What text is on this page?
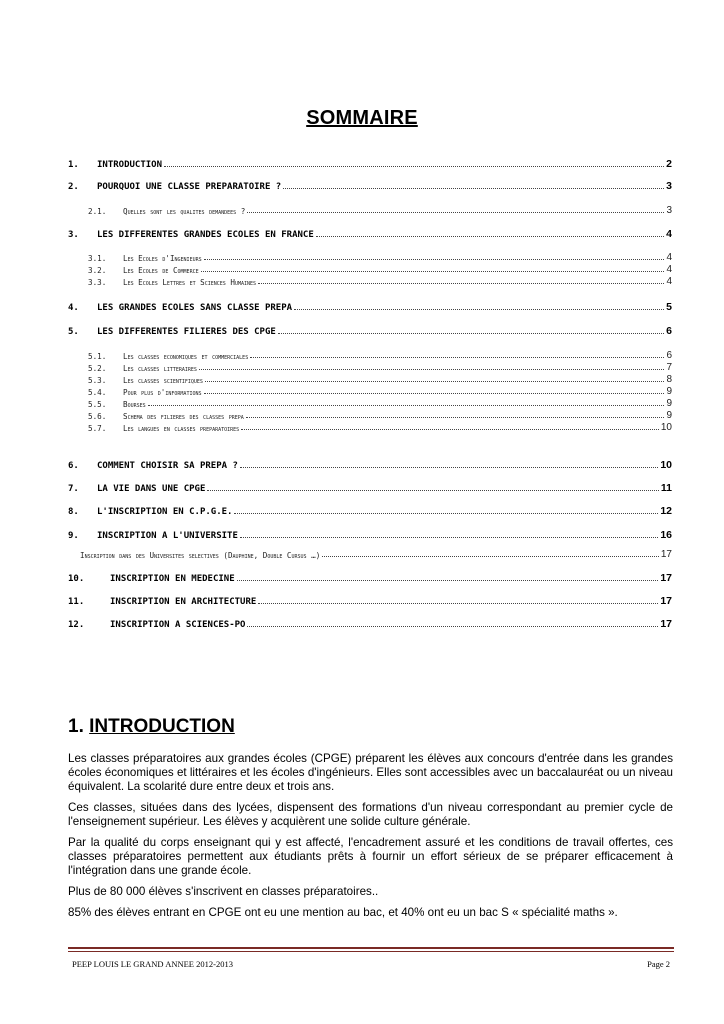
SOMMAIRE
1.	INTRODUCTION	2
2.	POURQUOI UNE CLASSE PREPARATOIRE ?	3
2.1.	Quelles sont les qualites demandees ?	3
3.	LES DIFFERENTES GRANDES ECOLES EN FRANCE	4
3.1.	Les Ecoles d'Ingenieurs	4
3.2.	Les Ecoles de Commerce	4
3.3.	Les Ecoles Lettres et Sciences Humaines	4
4.	LES GRANDES ECOLES SANS CLASSE PREPA	5
5.	LES DIFFERENTES FILIERES DES CPGE	6
5.1.	Les classes economiques et commerciales	6
5.2.	Les classes litteraires	7
5.3.	Les classes scientifiques	8
5.4.	Pour plus d'informations	9
5.5.	Bourses	9
5.6.	Schema des filieres des classes prepa	9
5.7.	Les langues en classes preparatoires	10
6.	COMMENT CHOISIR SA PREPA ?	10
7.	LA VIE DANS UNE CPGE	11
8.	L'INSCRIPTION EN C.P.G.E.	12
9.	INSCRIPTION A L'UNIVERSITE	16
Inscription dans des Universites selectives (Dauphine, Double Cursus …)	17
10.	INSCRIPTION EN MEDECINE	17
11.	INSCRIPTION EN ARCHITECTURE	17
12.	INSCRIPTION A SCIENCES-PO	17
1. INTRODUCTION

Les classes préparatoires aux grandes écoles (CPGE) préparent les élèves aux concours d'entrée dans les grandes écoles économiques et littéraires et les écoles d'ingénieurs. Elles sont accessibles avec un baccalauréat ou un niveau équivalent. La scolarité dure entre deux et trois ans.

Ces classes, situées dans des lycées, dispensent des formations d'un niveau correspondant au premier cycle de l'enseignement supérieur. Les élèves y acquièrent une solide culture générale.

Par la qualité du corps enseignant qui y est affecté, l'encadrement assuré et les conditions de travail offertes, ces classes préparatoires permettent aux étudiants prêts à fournir un effort sérieux de se préparer efficacement à l'intégration dans une grande école.

Plus de 80 000 élèves s'inscrivent en classes préparatoires..

85% des élèves entrant en CPGE ont eu une mention au bac, et 40% ont eu un bac S « spécialité maths ».

PEEP LOUIS LE GRAND ANNEE 2012-2013	Page 2
